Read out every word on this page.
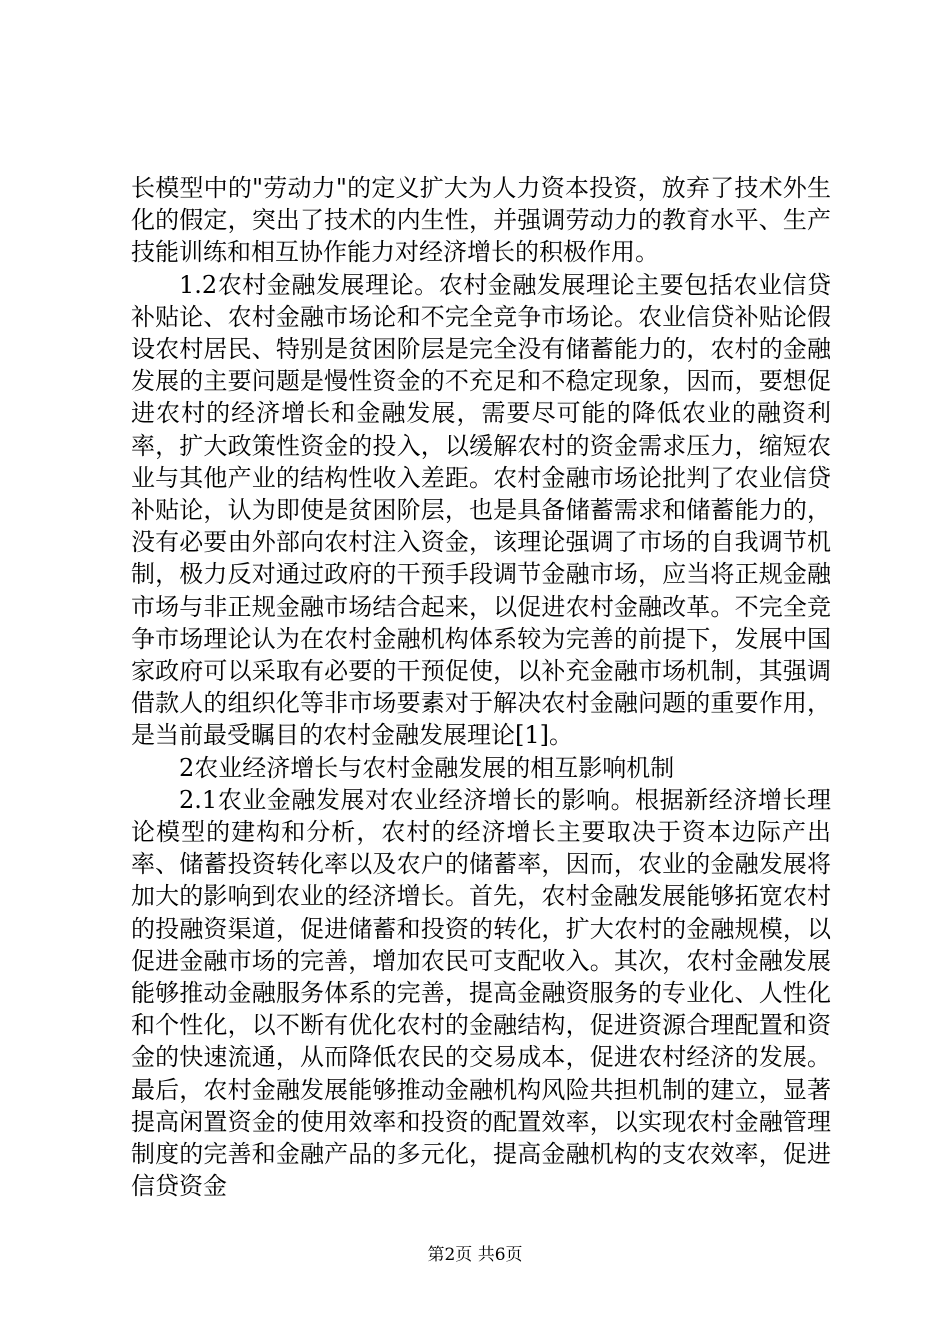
长模型中的"劳动力"的定义扩大为人力资本投资，放弃了技术外生化的假定，突出了技术的内生性，并强调劳动力的教育水平、生产技能训练和相互协作能力对经济增长的积极作用。

1.2农村金融发展理论。农村金融发展理论主要包括农业信贷补贴论、农村金融市场论和不完全竞争市场论。农业信贷补贴论假设农村居民、特别是贫困阶层是完全没有储蓄能力的，农村的金融发展的主要问题是慢性资金的不充足和不稳定现象，因而，要想促进农村的经济增长和金融发展，需要尽可能的降低农业的融资利率，扩大政策性资金的投入，以缓解农村的资金需求压力，缩短农业与其他产业的结构性收入差距。农村金融市场论批判了农业信贷补贴论，认为即使是贫困阶层，也是具备储蓄需求和储蓄能力的，没有必要由外部向农村注入资金，该理论强调了市场的自我调节机制，极力反对通过政府的干预手段调节金融市场，应当将正规金融市场与非正规金融市场结合起来，以促进农村金融改革。不完全竞争市场理论认为在农村金融机构体系较为完善的前提下，发展中国家政府可以采取有必要的干预促使，以补充金融市场机制，其强调借款人的组织化等非市场要素对于解决农村金融问题的重要作用，是当前最受瞩目的农村金融发展理论[1]。

2农业经济增长与农村金融发展的相互影响机制

2.1农业金融发展对农业经济增长的影响。根据新经济增长理论模型的建构和分析，农村的经济增长主要取决于资本边际产出率、储蓄投资转化率以及农户的储蓄率，因而，农业的金融发展将加大的影响到农业的经济增长。首先，农村金融发展能够拓宽农村的投融资渠道，促进储蓄和投资的转化，扩大农村的金融规模，以促进金融市场的完善，增加农民可支配收入。其次，农村金融发展能够推动金融服务体系的完善，提高金融资服务的专业化、人性化和个性化，以不断有优化农村的金融结构，促进资源合理配置和资金的快速流通，从而降低农民的交易成本，促进农村经济的发展。最后，农村金融发展能够推动金融机构风险共担机制的建立，显著提高闲置资金的使用效率和投资的配置效率，以实现农村金融管理制度的完善和金融产品的多元化，提高金融机构的支农效率，促进信贷资金

第2页 共6页
